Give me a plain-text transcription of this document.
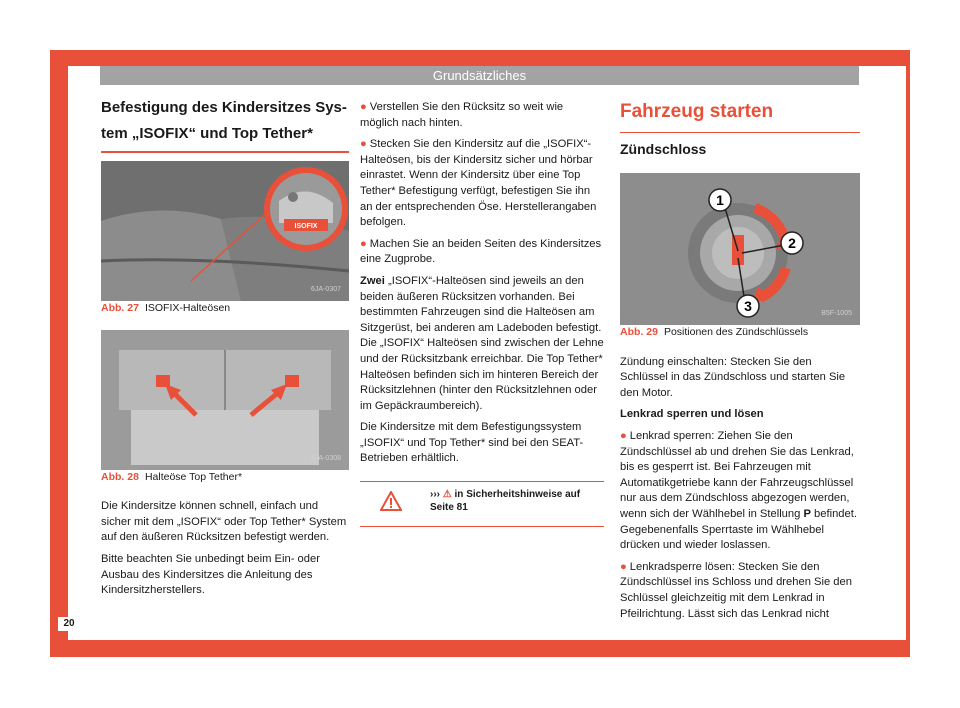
Grundsätzliches
20

Befestigung des Kindersitzes Sys-

tem „ISOFIX“ und Top Tether*

ISOFIX
6JA-0307

Abb. 27 ISOFIX-Halteösen

6JA-0308

Abb. 28 Halteöse Top Tether*

Die Kindersitze können schnell, einfach und sicher mit dem „ISOFIX“ oder Top Tether* System auf den äußeren Rücksitzen befestigt werden.

Bitte beachten Sie unbedingt beim Ein- oder Ausbau des Kindersitzes die Anleitung des Kindersitzherstellers.

● Verstellen Sie den Rücksitz so weit wie möglich nach hinten.

● Stecken Sie den Kindersitz auf die „ISOFIX“-Halteösen, bis der Kindersitz sicher und hörbar einrastet. Wenn der Kindersitz über eine Top Tether* Befestigung verfügt, befestigen Sie ihn an der entsprechenden Öse. Herstellerangaben befolgen.

● Machen Sie an beiden Seiten des Kindersitzes eine Zugprobe.

Zwei „ISOFIX“-Halteösen sind jeweils an den beiden äußeren Rücksitzen vorhanden. Bei bestimmten Fahrzeugen sind die Halteösen am Sitzgerüst, bei anderen am Ladeboden befestigt. Die „ISOFIX“ Halteösen sind zwischen der Lehne und der Rücksitzbank erreichbar. Die Top Tether* Halteösen befinden sich im hinteren Bereich der Rücksitzlehnen (hinter den Rücksitzlehnen oder im Gepäckraumbereich).

Die Kindersitze mit dem Befestigungssystem „ISOFIX“ und Top Tether* sind bei den SEAT-Betrieben erhältlich.

››› ⚠ in Sicherheitshinweise auf Seite 81

Fahrzeug starten

Zündschloss

1
2
3	B5F-1005

Abb. 29 Positionen des Zündschlüssels

Zündung einschalten: Stecken Sie den Schlüssel in das Zündschloss und starten Sie den Motor.

Lenkrad sperren und lösen

● Lenkrad sperren: Ziehen Sie den Zündschlüssel ab und drehen Sie das Lenkrad, bis es gesperrt ist. Bei Fahrzeugen mit Automatikgetriebe kann der Fahrzeugschlüssel nur aus dem Zündschloss abgezogen werden, wenn sich der Wählhebel in Stellung P befindet. Gegebenenfalls Sperrtaste im Wählhebel drücken und wieder loslassen.

● Lenkradsperre lösen: Stecken Sie den Zündschlüssel ins Schloss und drehen Sie den Schlüssel gleichzeitig mit dem Lenkrad in Pfeilrichtung. Lässt sich das Lenkrad nicht
